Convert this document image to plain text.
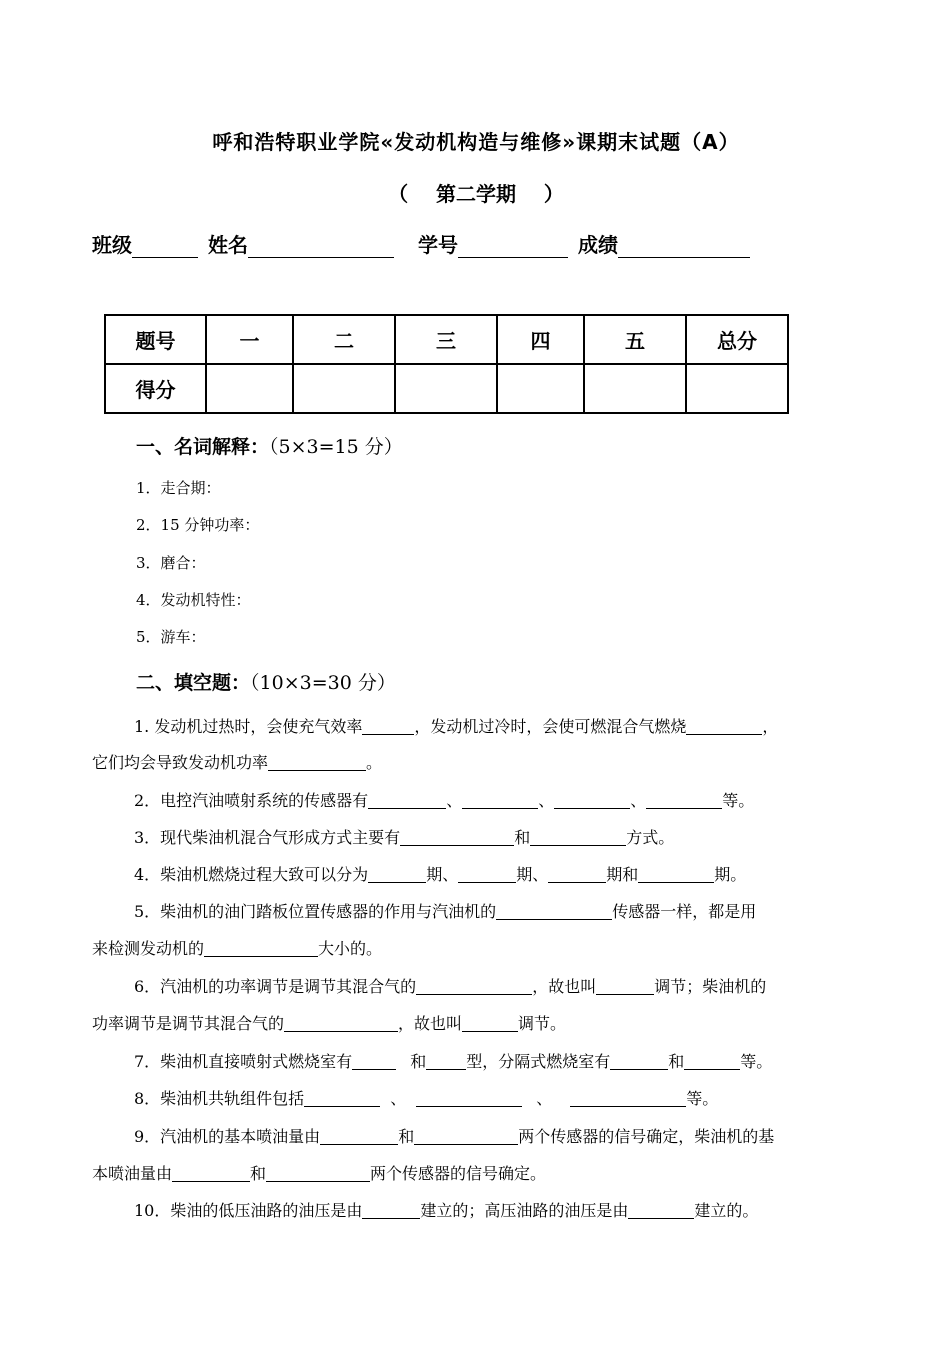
呼和浩特职业学院«发动机构造与维修»课期末试题（A）
（    第二学期    ）
班级	姓名	学号	成绩
题号	一	二	三	四	五	总分
得分						
一、名词解释：（5×3=15 分）
1．走合期：
2．15 分钟功率：
3．磨合：
4．发动机特性：
5．游车：
二、填空题：（10×3=30 分）
1. 发动机过热时，会使充气效率	，发动机过冷时，会使可燃混合气燃烧	，
它们均会导致发动机功率	。
2．电控汽油喷射系统的传感器有	、	、	、	等。
3．现代柴油机混合气形成方式主要有	和	方式。
4．柴油机燃烧过程大致可以分为	期、	期、	期和	期。
5．柴油机的油门踏板位置传感器的作用与汽油机的	传感器一样，都是用
来检测发动机的	大小的。
6．汽油机的功率调节是调节其混合气的	，故也叫	调节；柴油机的
功率调节是调节其混合气的	，故也叫	调节。
7．柴油机直接喷射式燃烧室有	和	型，分隔式燃烧室有	和	等。
8．柴油机共轨组件包括	、	、	等。
9．汽油机的基本喷油量由	和	两个传感器的信号确定，柴油机的基
本喷油量由	和	两个传感器的信号确定。
10．柴油的低压油路的油压是由	建立的；高压油路的油压是由	建立的。
